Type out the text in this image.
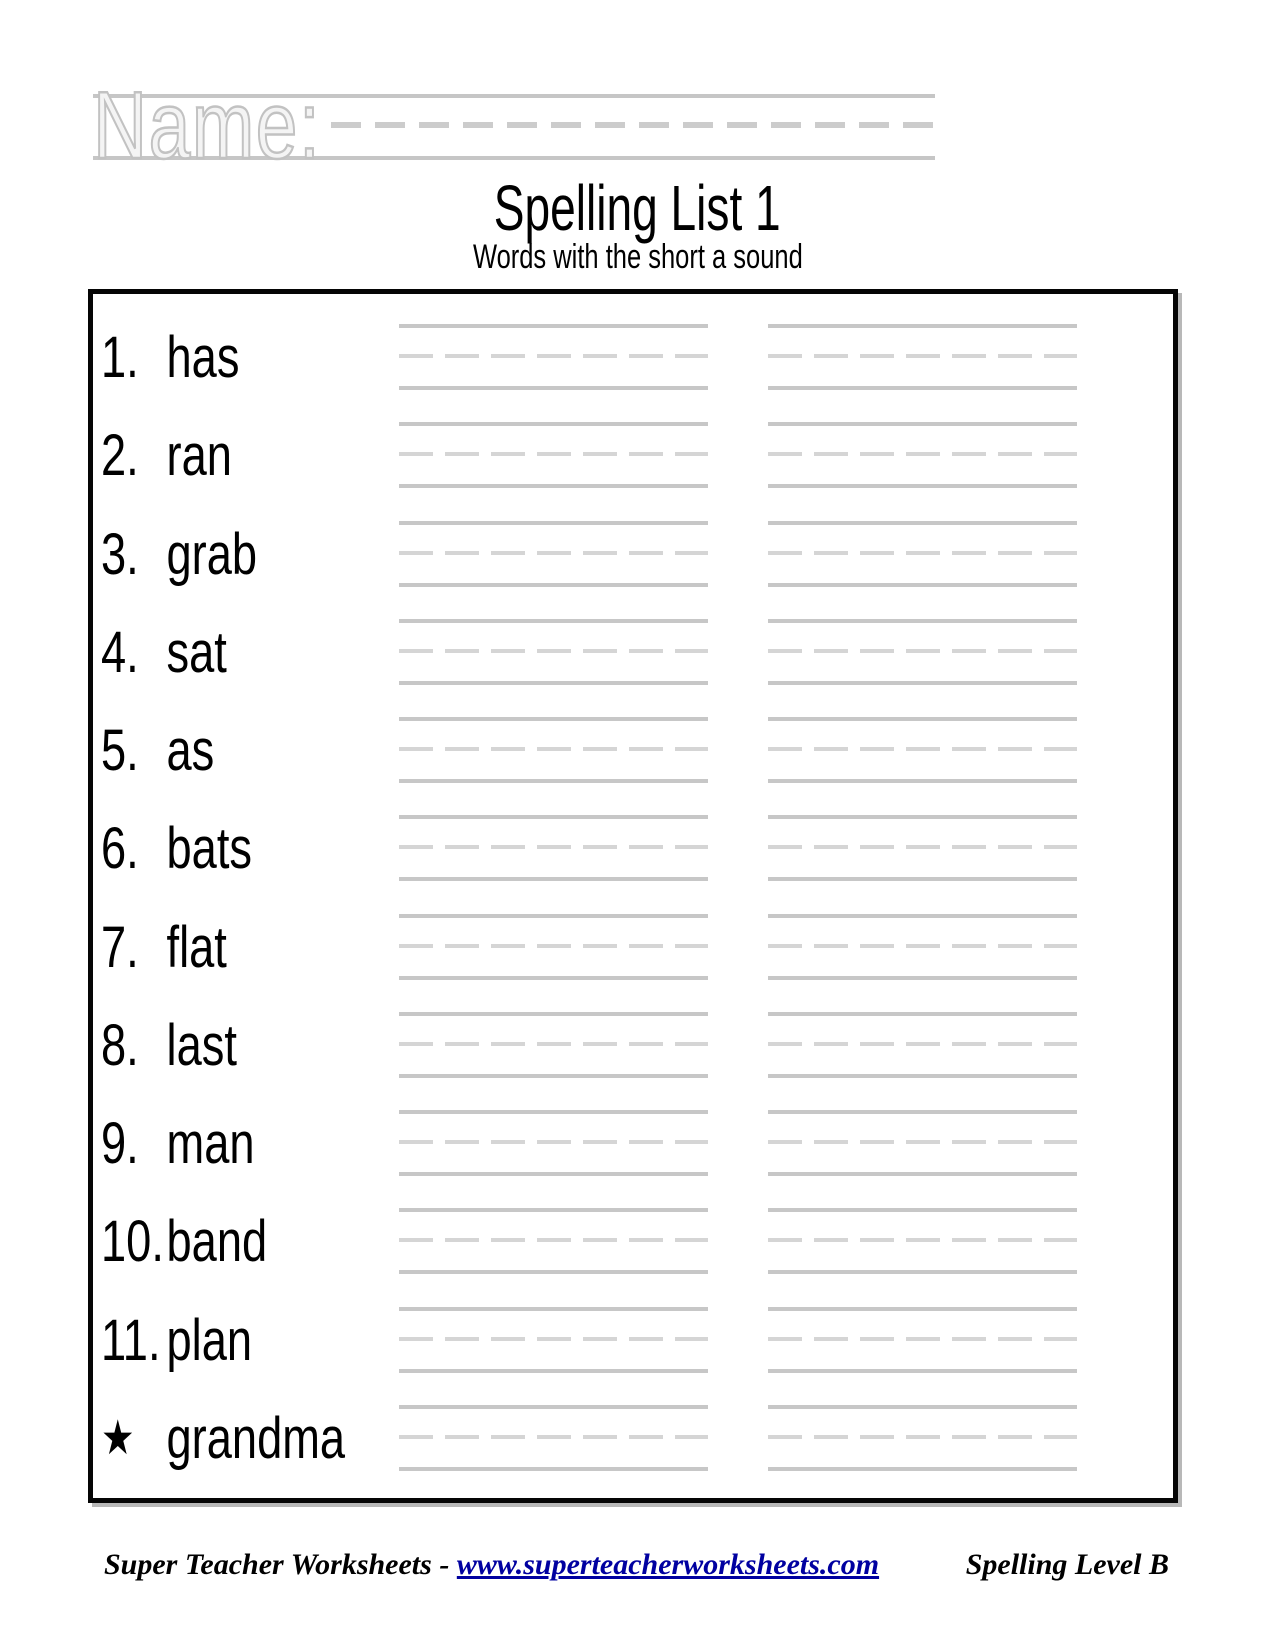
Name:
Spelling List 1
Words with the short a sound
1. has
2. ran
3. grab
4. sat
5. as
6. bats
7. flat
8. last
9. man
10. band
11. plan
★ grandma
Super Teacher Worksheets - www.superteacherworksheets.com	Spelling Level B
